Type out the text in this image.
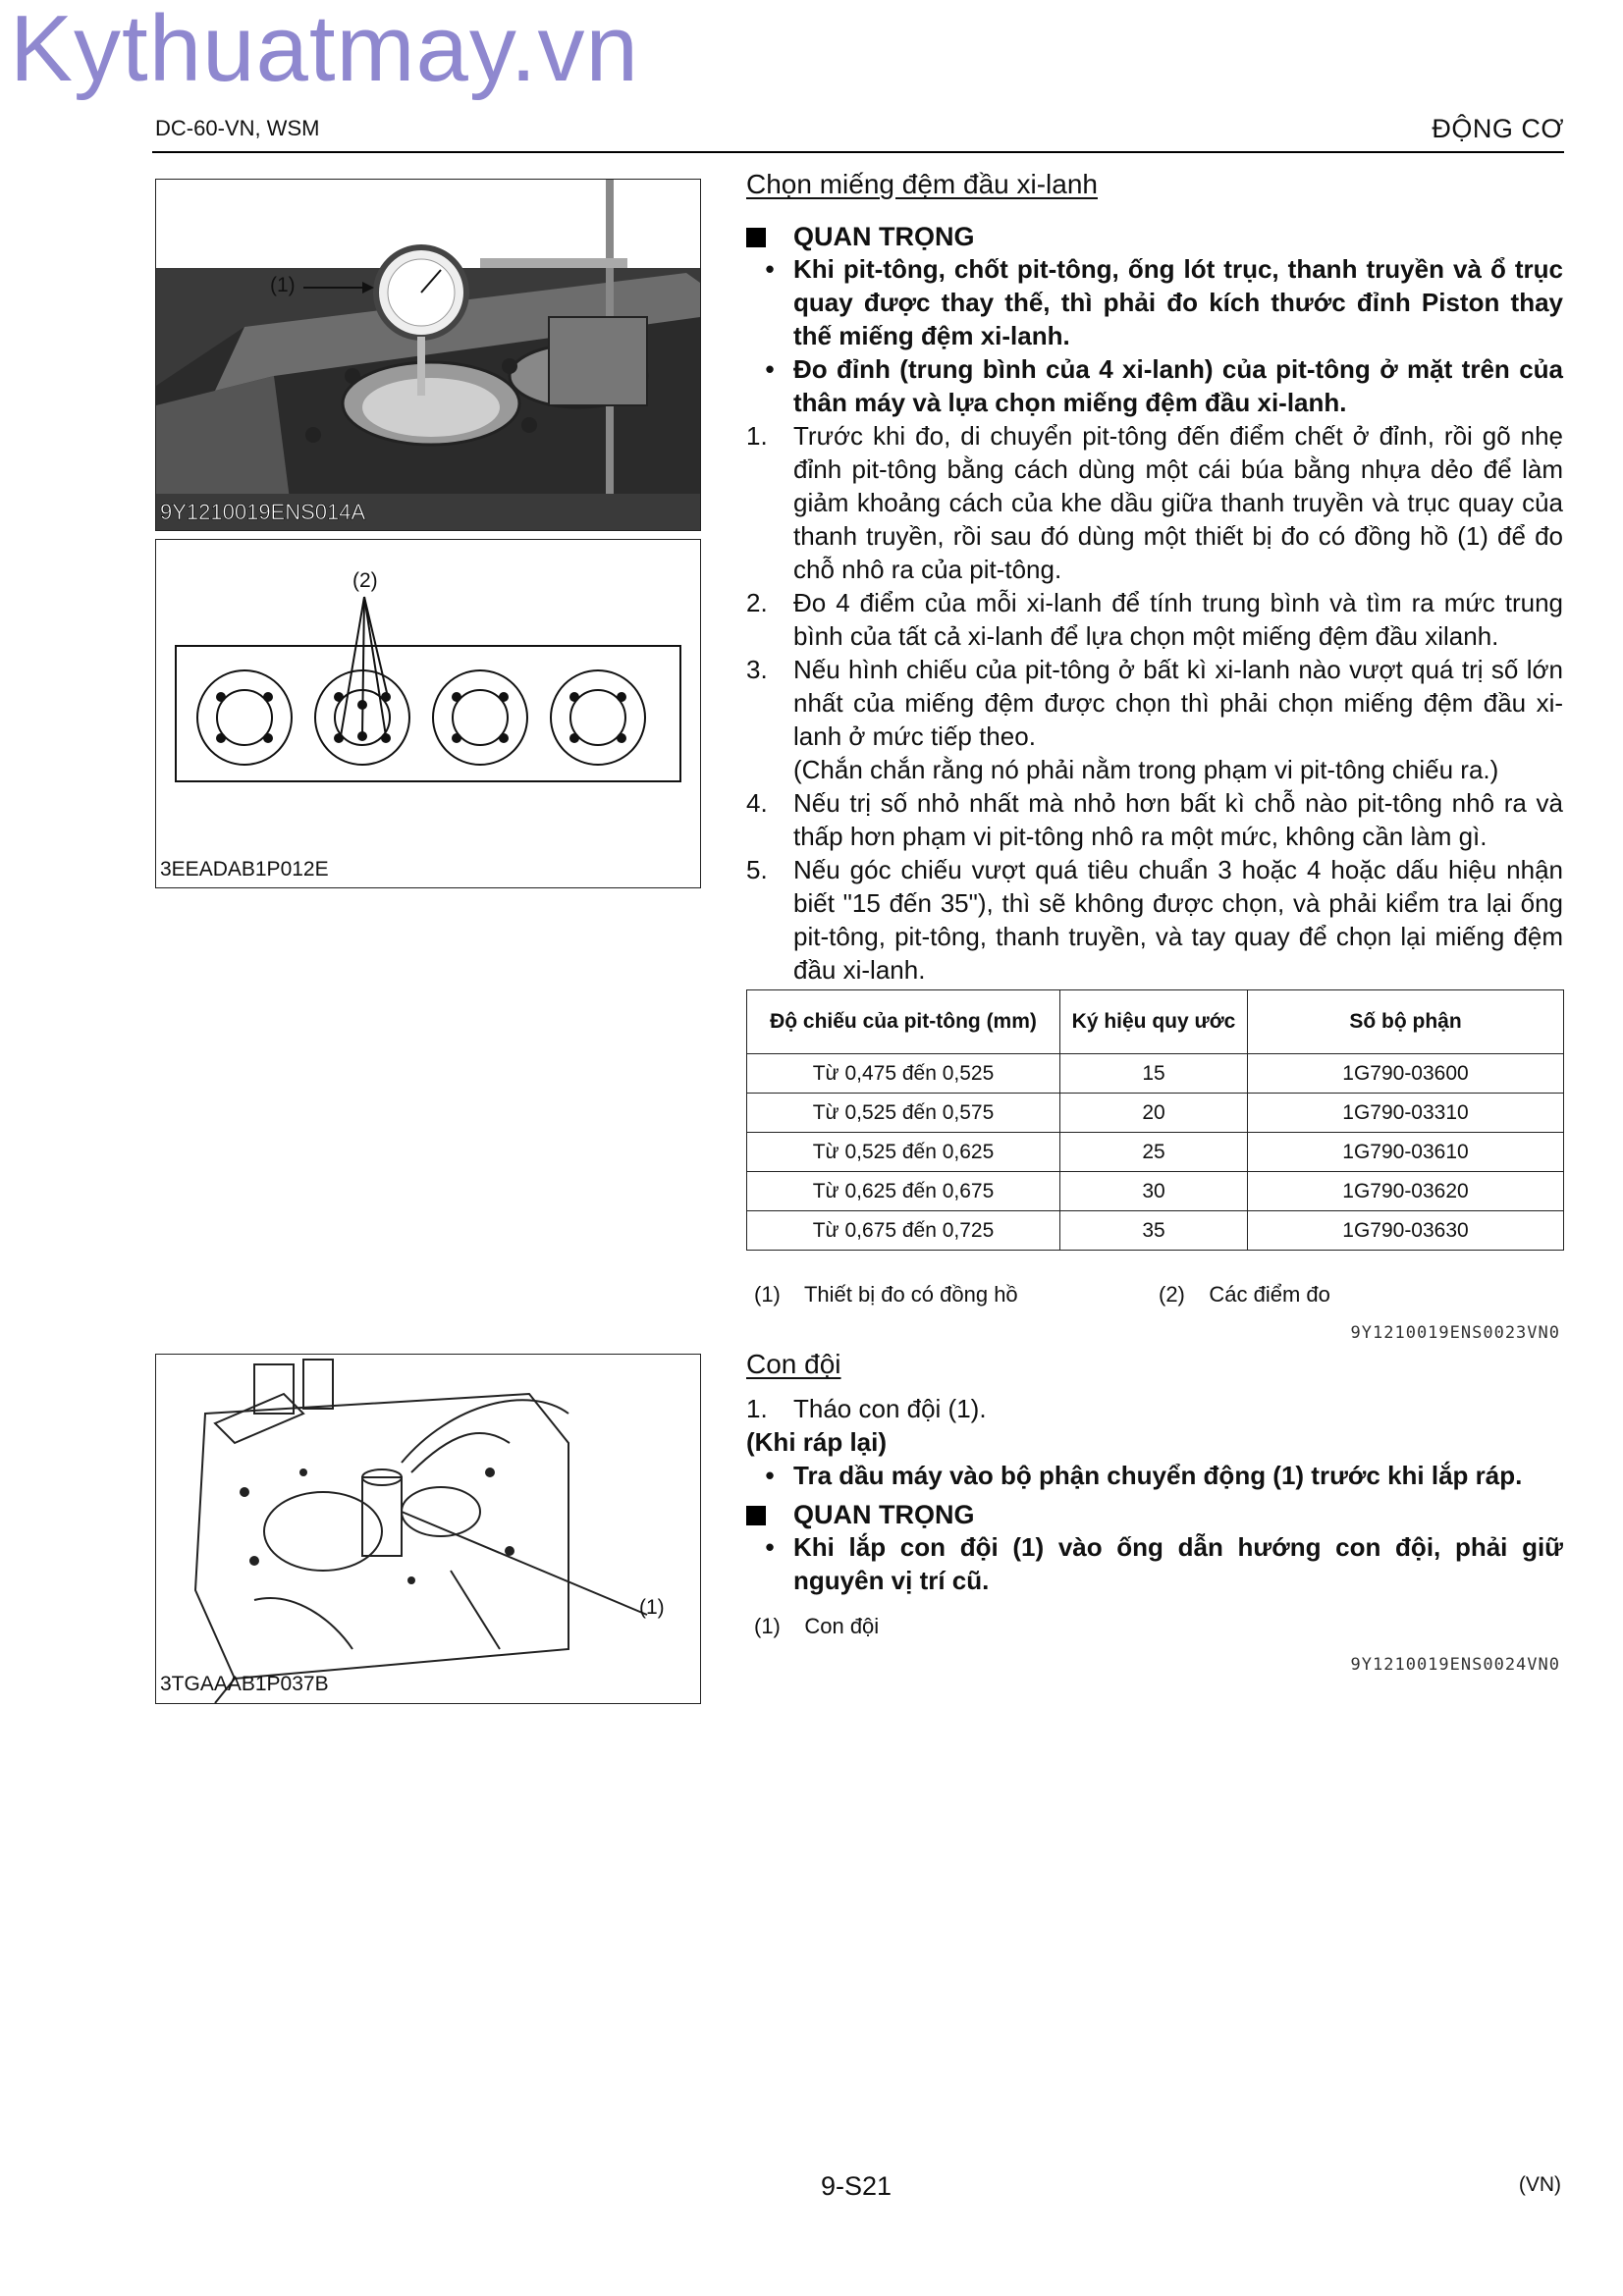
Kythuatmay.vn
DC-60-VN, WSM	ĐỘNG CƠ
(1)
9Y1210019ENS014A
(2)
3EEADAB1P012E
(1)
3TGAAAB1P037B
Chọn miếng đệm đầu xi-lanh
QUAN TRỌNG
• Khi pit-tông, chốt pit-tông, ống lót trục, thanh truyền và ổ trục quay được thay thế, thì phải đo kích thước đỉnh Piston thay thế miếng đệm xi-lanh.
• Đo đỉnh (trung bình của 4 xi-lanh) của pit-tông ở mặt trên của thân máy và lựa chọn miếng đệm đầu xi-lanh.
1.	Trước khi đo, di chuyển pit-tông đến điểm chết ở đỉnh, rồi gõ nhẹ đỉnh pit-tông bằng cách dùng một cái búa bằng nhựa dẻo để làm giảm khoảng cách của khe dầu giữa thanh truyền và trục quay của thanh truyền, rồi sau đó dùng một thiết bị đo có đồng hồ (1) để đo chỗ nhô ra của pit-tông.
2.	Đo 4 điểm của mỗi xi-lanh để tính trung bình và tìm ra mức trung bình của tất cả xi-lanh để lựa chọn một miếng đệm đầu xilanh.
3.	Nếu hình chiếu của pit-tông ở bất kì xi-lanh nào vượt quá trị số lớn nhất của miếng đệm được chọn thì phải chọn miếng đệm đầu xi-lanh ở mức tiếp theo.
(Chắn chắn rằng nó phải nằm trong phạm vi pit-tông chiếu ra.)
4.	Nếu trị số nhỏ nhất mà nhỏ hơn bất kì chỗ nào pit-tông nhô ra và thấp hơn phạm vi pit-tông nhô ra một mức, không cần làm gì.
5.	Nếu góc chiếu vượt quá tiêu chuẩn 3 hoặc 4 hoặc dấu hiệu nhận biết "15 đến 35"), thì sẽ không được chọn, và phải kiểm tra lại ống pit-tông, pit-tông, thanh truyền, và tay quay để chọn lại miếng đệm đầu xi-lanh.
Độ chiếu của pit-tông (mm)	Ký hiệu quy ước	Số bộ phận
Từ 0,475 đến 0,525	15	1G790-03600
Từ 0,525 đến 0,575	20	1G790-03310
Từ 0,525 đến 0,625	25	1G790-03610
Từ 0,625 đến 0,675	30	1G790-03620
Từ 0,675 đến 0,725	35	1G790-03630
(1) Thiết bị đo có đồng hồ	(2) Các điểm đo
9Y1210019ENS0023VN0
Con đội
1.	Tháo con đội (1).
(Khi ráp lại)
• Tra dầu máy vào bộ phận chuyển động (1) trước khi lắp ráp.
QUAN TRỌNG
• Khi lắp con đội (1) vào ống dẫn hướng con đội, phải giữ nguyên vị trí cũ.
(1) Con đội
9Y1210019ENS0024VN0
9-S21	(VN)
